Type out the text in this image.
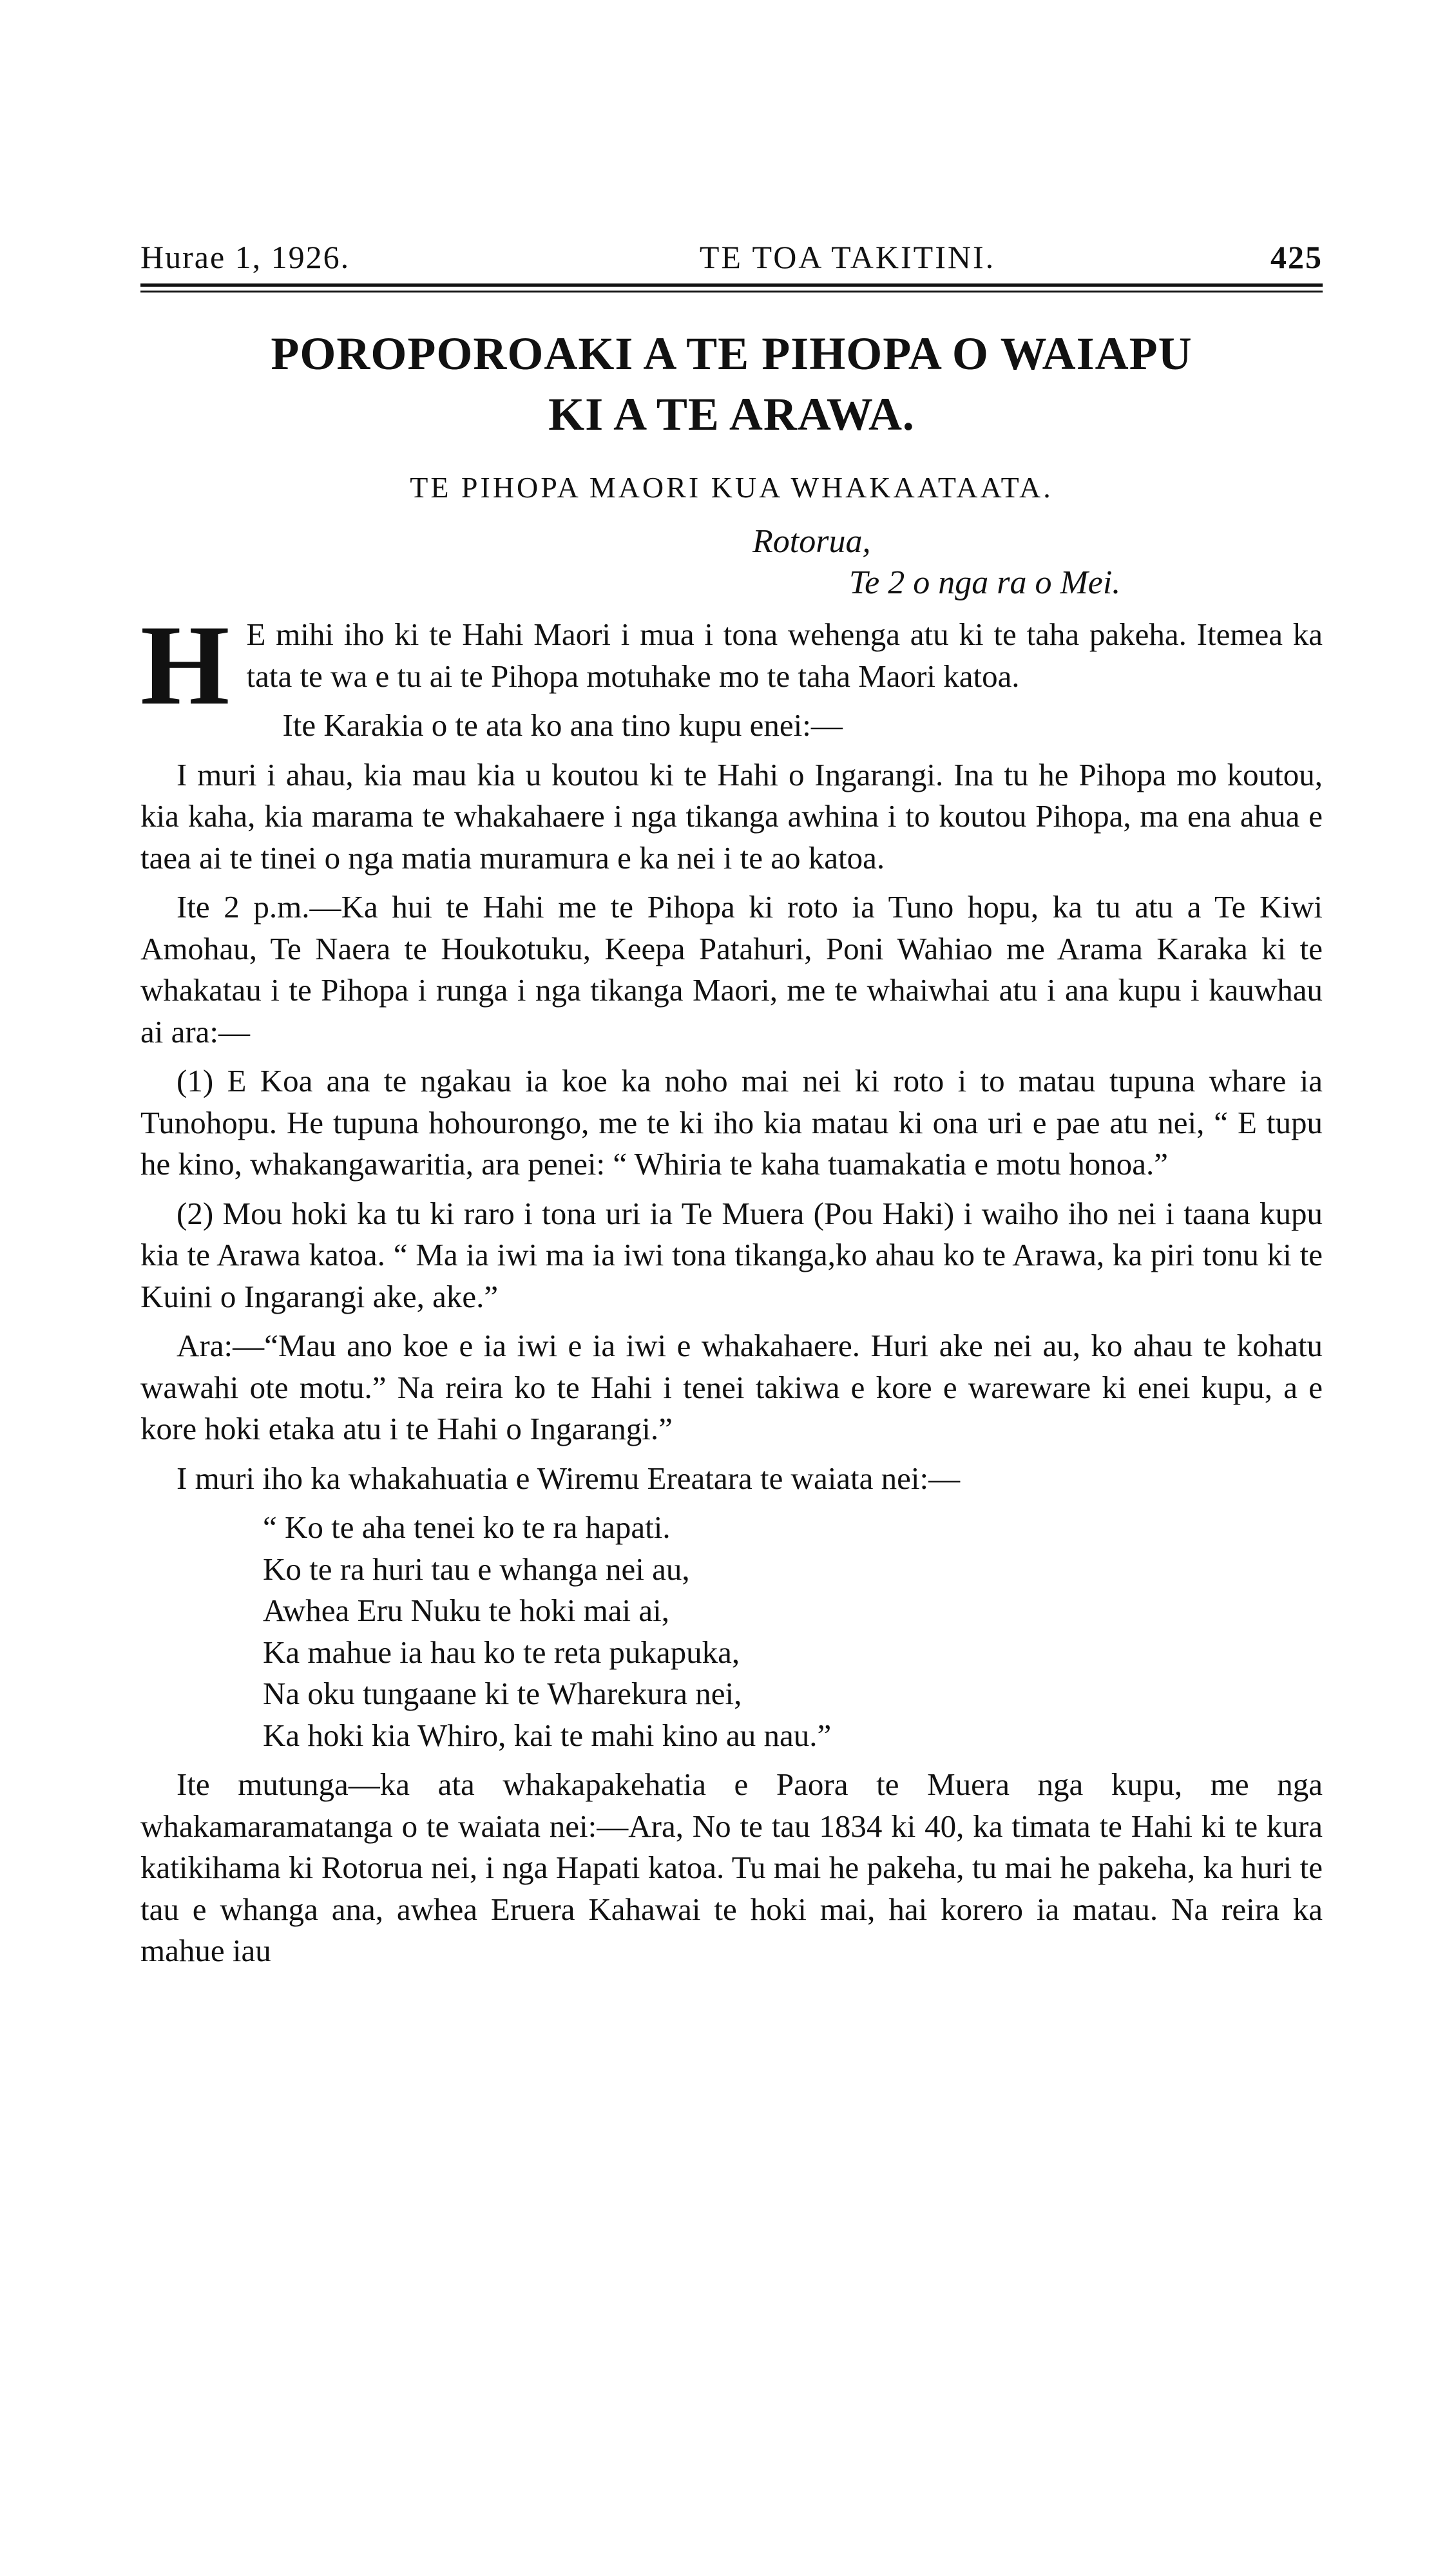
Hurae 1, 1926.	TE TOA TAKITINI.	425
POROPOROAKI A TE PIHOPA O WAIAPU
KI A TE ARAWA.
TE PIHOPA MAORI KUA WHAKAATAATA.
Rotorua,
Te 2 o nga ra o Mei.

H E mihi iho ki te Hahi Maori i mua i tona wehenga atu ki te taha pakeha. Itemea ka tata te wa e tu ai te Pihopa motuhake mo te taha Maori katoa.

Ite Karakia o te ata ko ana tino kupu enei:—

I muri i ahau, kia mau kia u koutou ki te Hahi o Ingarangi. Ina tu he Pihopa mo koutou, kia kaha, kia marama te whakahaere i nga tikanga awhina i to koutou Pihopa, ma ena ahua e taea ai te tinei o nga matia muramura e ka nei i te ao katoa.

Ite 2 p.m.—Ka hui te Hahi me te Pihopa ki roto ia Tuno hopu, ka tu atu a Te Kiwi Amohau, Te Naera te Houkotuku, Keepa Patahuri, Poni Wahiao me Arama Karaka ki te whakatau i te Pihopa i runga i nga tikanga Maori, me te whaiwhai atu i ana kupu i kauwhau ai ara:—

(1) E Koa ana te ngakau ia koe ka noho mai nei ki roto i to matau tupuna whare ia Tunohopu. He tupuna hohourongo, me te ki iho kia matau ki ona uri e pae atu nei, “ E tupu he kino, whakangawaritia, ara penei: “ Whiria te kaha tuamakatia e motu honoa.”

(2) Mou hoki ka tu ki raro i tona uri ia Te Muera (Pou Haki) i waiho iho nei i taana kupu kia te Arawa katoa. “ Ma ia iwi ma ia iwi tona tikanga,ko ahau ko te Arawa, ka piri tonu ki te Kuini o Ingarangi ake, ake.”

Ara:—“Mau ano koe e ia iwi e ia iwi e whakahaere. Huri ake nei au, ko ahau te kohatu wawahi ote motu.” Na reira ko te Hahi i tenei takiwa e kore e wareware ki enei kupu, a e kore hoki etaka atu i te Hahi o Ingarangi.”

I muri iho ka whakahuatia e Wiremu Ereatara te waiata nei:—

“ Ko te aha tenei ko te ra hapati.
Ko te ra huri tau e whanga nei au,
Awhea Eru Nuku te hoki mai ai,
Ka mahue ia hau ko te reta pukapuka,
Na oku tungaane ki te Wharekura nei,
Ka hoki kia Whiro, kai te mahi kino au nau.”

Ite mutunga—ka ata whakapakehatia e Paora te Muera nga kupu, me nga whakamaramatanga o te waiata nei:—Ara, No te tau 1834 ki 40, ka timata te Hahi ki te kura katikihama ki Rotorua nei, i nga Hapati katoa. Tu mai he pakeha, tu mai he pakeha, ka huri te tau e whanga ana, awhea Eruera Kahawai te hoki mai, hai korero ia matau. Na reira ka mahue iau
